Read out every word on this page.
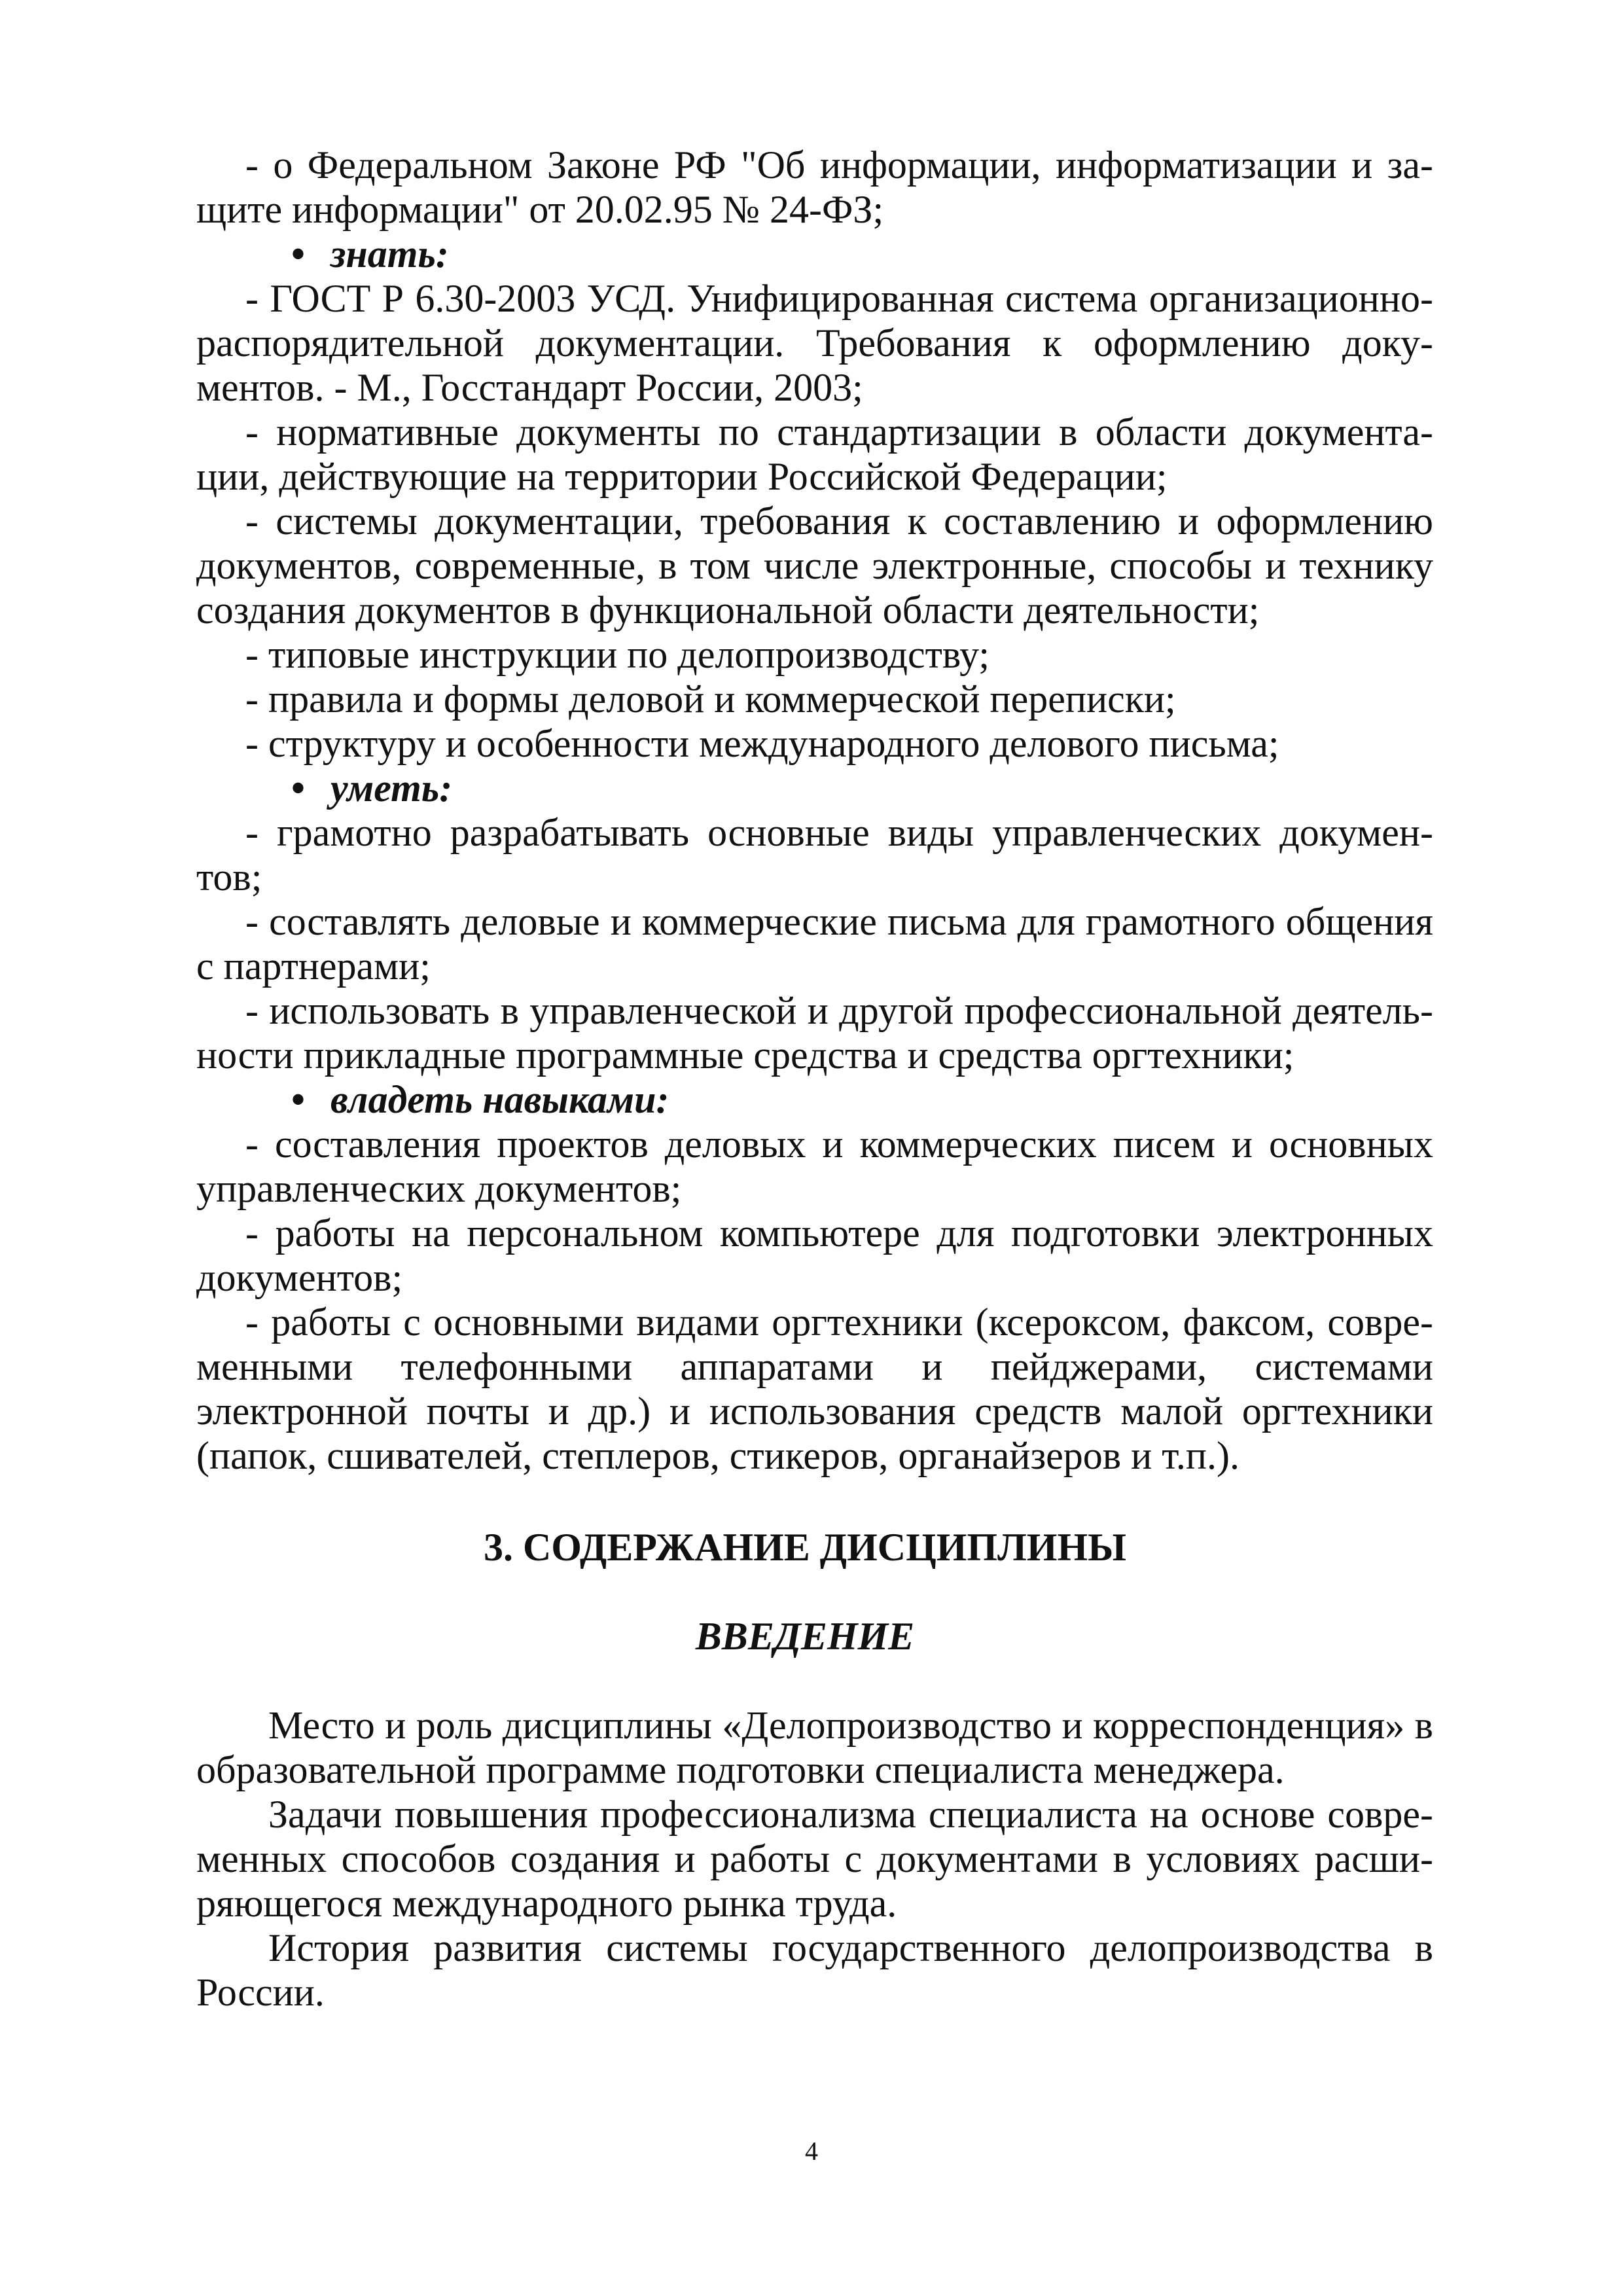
- о Федеральном Законе РФ "Об информации, информатизации и защите информации" от 20.02.95 № 24-ФЗ;

• знать:

- ГОСТ Р 6.30-2003 УСД. Унифицированная система организационно-распорядительной документации. Требования к оформлению документов. - М., Госстандарт России, 2003;

- нормативные документы по стандартизации в области документации, действующие на территории Российской Федерации;

- системы документации, требования к составлению и оформлению документов, современные, в том числе электронные, способы и технику создания документов в функциональной области деятельности;

- типовые инструкции по делопроизводству;

- правила и формы деловой и коммерческой переписки;

- структуру и особенности международного делового письма;

• уметь:

- грамотно разрабатывать основные виды управленческих документов;

- составлять деловые и коммерческие письма для грамотного общения с партнерами;

- использовать в управленческой и другой профессиональной деятельности прикладные программные средства и средства оргтехники;

• владеть навыками:

- составления проектов деловых и коммерческих писем и основных управленческих документов;

- работы на персональном компьютере для подготовки электронных документов;

- работы с основными видами оргтехники (ксероксом, факсом, современными телефонными аппаратами и пейджерами, системами электронной почты и др.) и использования средств малой оргтехники (папок, сшивателей, степлеров, стикеров, органайзеров и т.п.).

3. СОДЕРЖАНИЕ ДИСЦИПЛИНЫ
ВВЕДЕНИЕ

Место и роль дисциплины «Делопроизводство и корреспонденция» в образовательной программе подготовки специалиста менеджера.

Задачи повышения профессионализма специалиста на основе современных способов создания и работы с документами в условиях расширяющегося международного рынка труда.

История развития системы государственного делопроизводства в России.

4
